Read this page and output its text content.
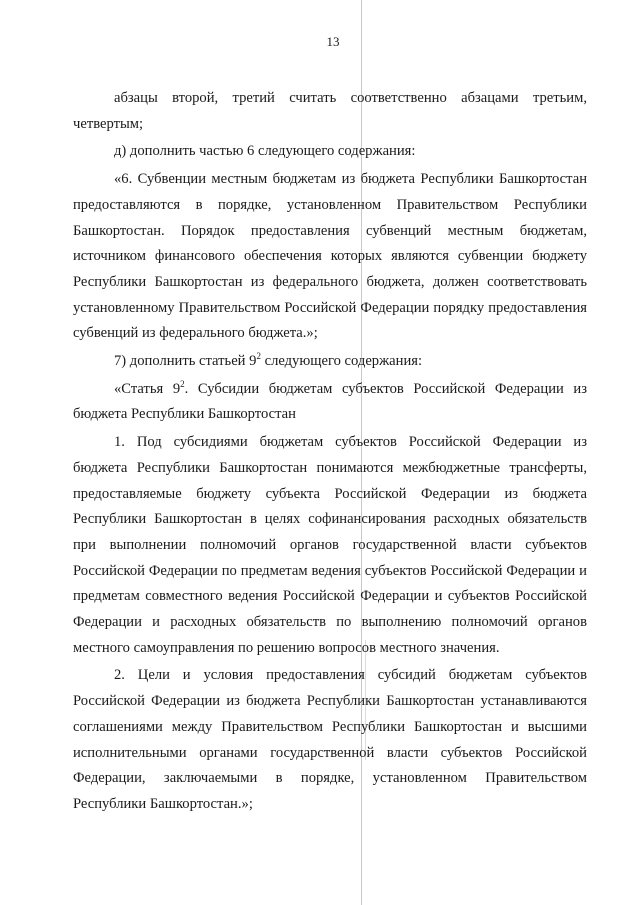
13

абзацы второй, третий считать соответственно абзацами третьим, четвертым;

д) дополнить частью 6 следующего содержания:

«6. Субвенции местным бюджетам из бюджета Республики Башкортостан предоставляются в порядке, установленном Правительством Республики Башкортостан. Порядок предоставления субвенций местным бюджетам, источником финансового обеспечения которых являются субвенции бюджету Республики Башкортостан из федерального бюджета, должен соответствовать установленному Правительством Российской Федерации порядку предоставления субвенций из федерального бюджета.»;

7) дополнить статьей $9^2$ следующего содержания:

«Статья $9^2$. Субсидии бюджетам субъектов Российской Федерации из бюджета Республики Башкортостан

1. Под субсидиями бюджетам субъектов Российской Федерации из бюджета Республики Башкортостан понимаются межбюджетные трансферты, предоставляемые бюджету субъекта Российской Федерации из бюджета Республики Башкортостан в целях софинансирования расходных обязательств при выполнении полномочий органов государственной власти субъектов Российской Федерации по предметам ведения субъектов Российской Федерации и предметам совместного ведения Российской Федерации и субъектов Российской Федерации и расходных обязательств по выполнению полномочий органов местного самоуправления по решению вопросов местного значения.

2. Цели и условия предоставления субсидий бюджетам субъектов Российской Федерации из бюджета Республики Башкортостан устанавливаются соглашениями между Правительством Республики Башкортостан и высшими исполнительными органами государственной власти субъектов Российской Федерации, заключаемыми в порядке, установленном Правительством Республики Башкортостан.»;
